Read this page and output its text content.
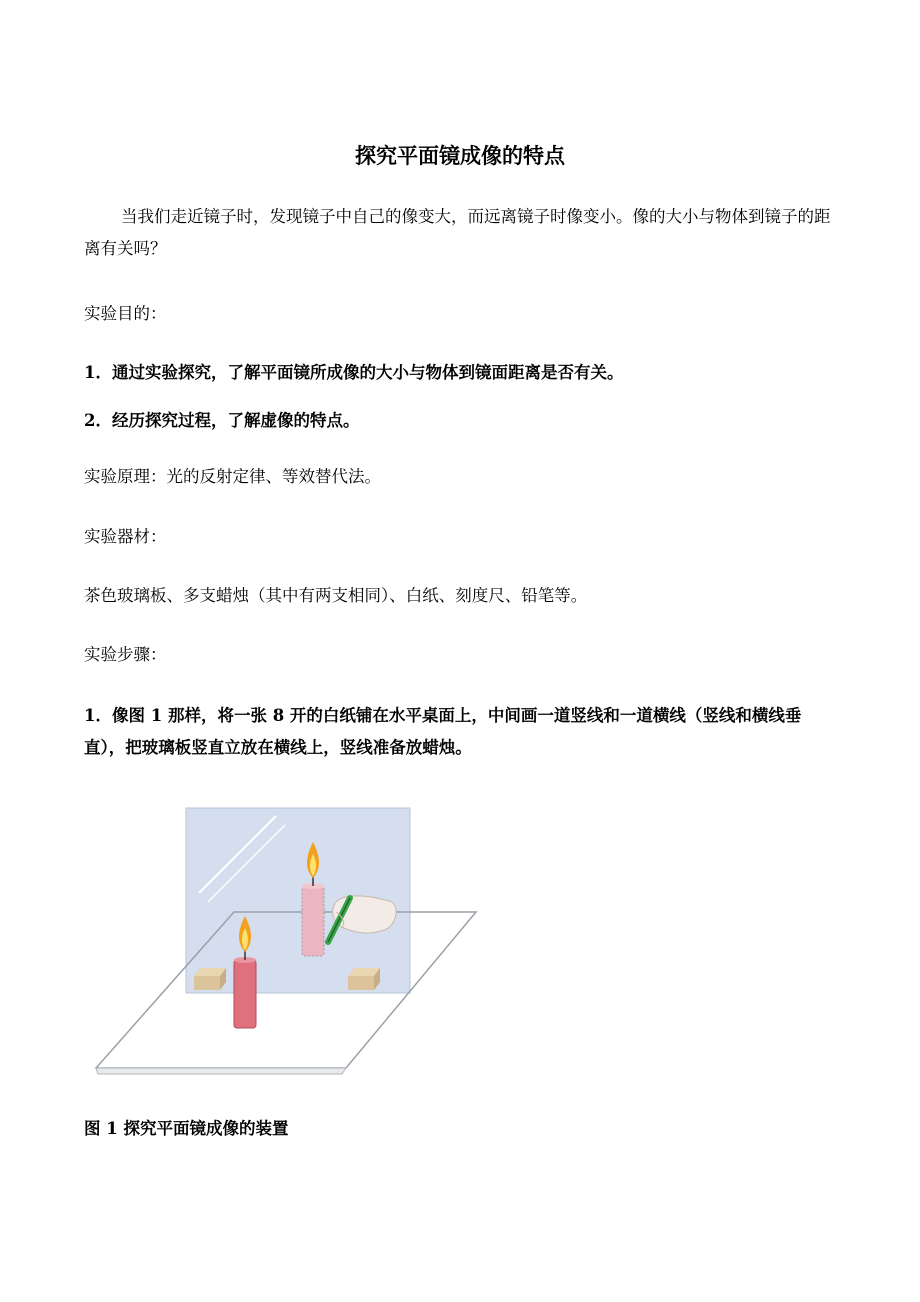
探究平面镜成像的特点
当我们走近镜子时，发现镜子中自己的像变大，而远离镜子时像变小。像的大小与物体到镜子的距离有关吗？
实验目的：
1．通过实验探究，了解平面镜所成像的大小与物体到镜面距离是否有关。
2．经历探究过程，了解虚像的特点。
实验原理：光的反射定律、等效替代法。
实验器材：
茶色玻璃板、多支蜡烛（其中有两支相同）、白纸、刻度尺、铅笔等。
实验步骤：
1．像图 1 那样，将一张 8 开的白纸铺在水平桌面上，中间画一道竖线和一道横线（竖线和横线垂直），把玻璃板竖直立放在横线上，竖线准备放蜡烛。
图 1 探究平面镜成像的装置
